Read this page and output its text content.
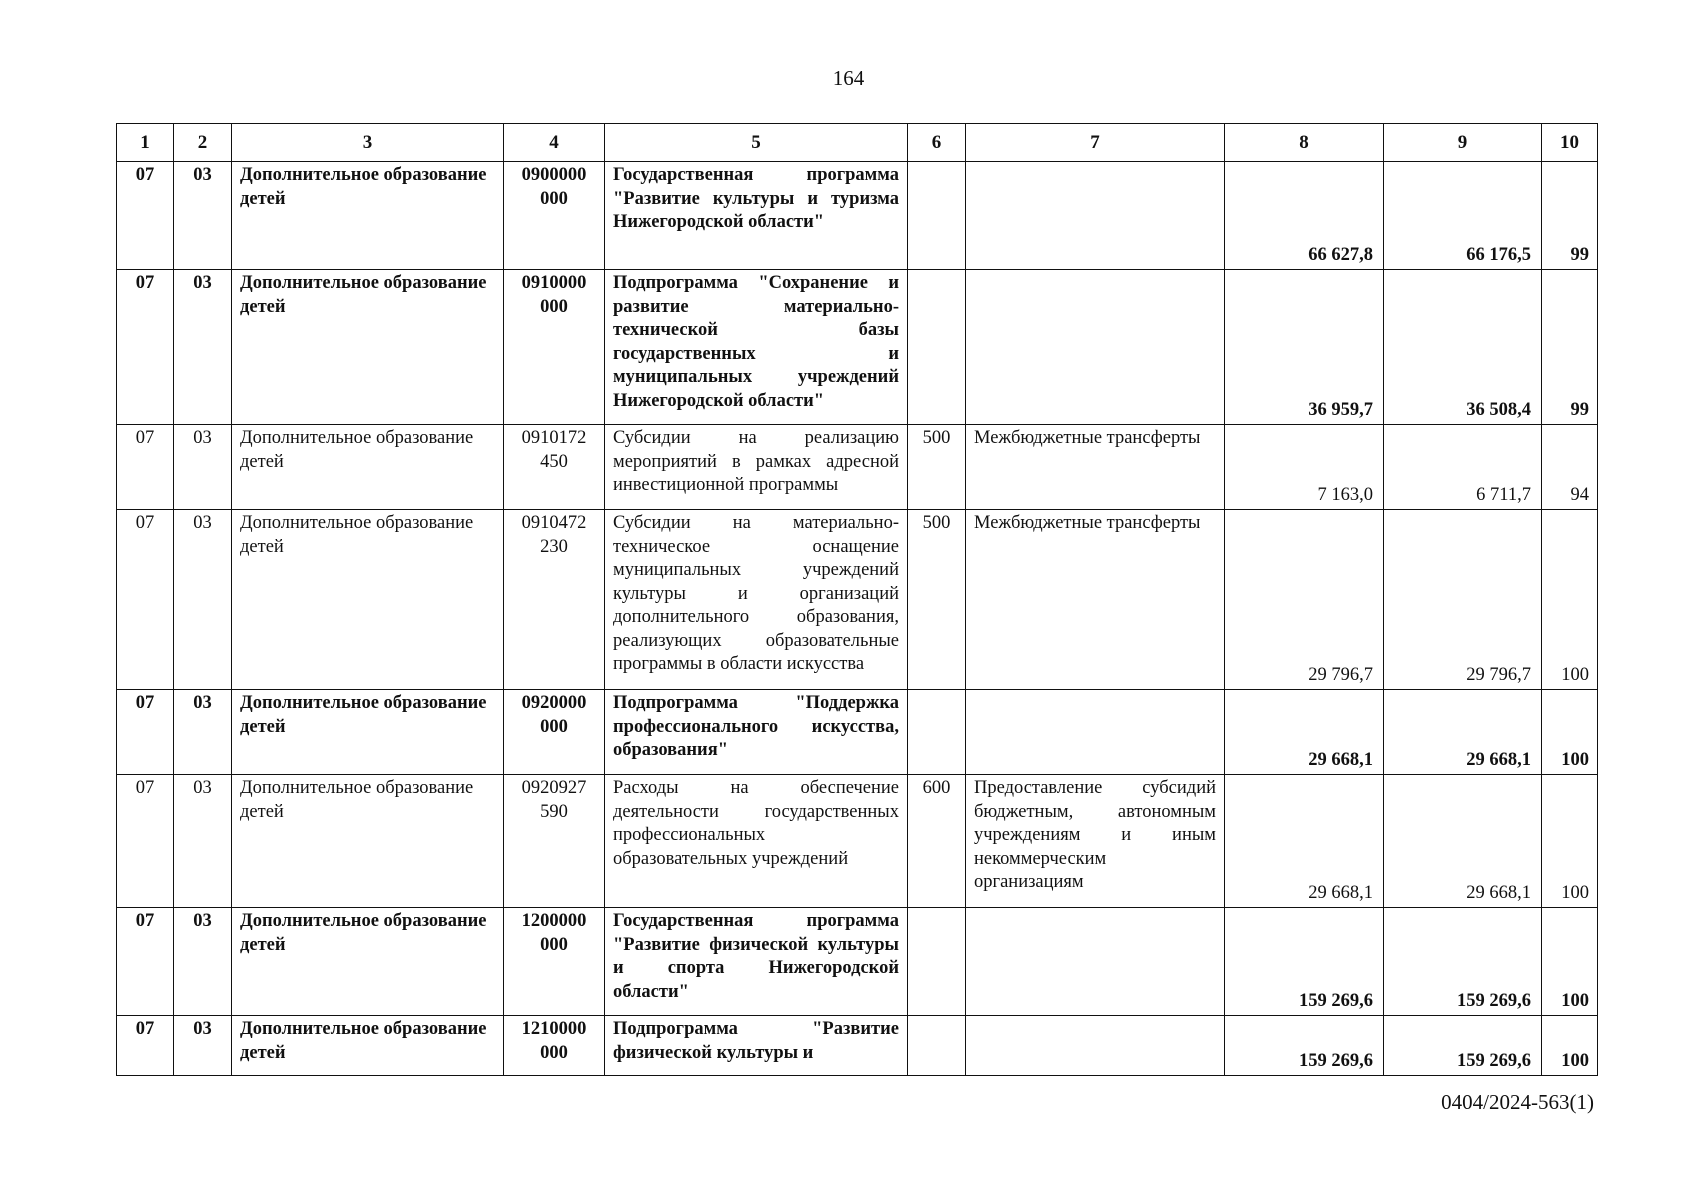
164
1	2	3	4	5	6	7	8	9	10
07	03	Дополнительное образование детей	0900000 000	Государственная программа "Развитие культуры и туризма Нижегородской области"			66 627,8	66 176,5	99
07	03	Дополнительное образование детей	0910000 000	Подпрограмма "Сохранение и развитие материально-технической базы государственных и муниципальных учреждений Нижегородской области"			36 959,7	36 508,4	99
07	03	Дополнительное образование детей	0910172 450	Субсидии на реализацию мероприятий в рамках адресной инвестиционной программы	500	Межбюджетные трансферты	7 163,0	6 711,7	94
07	03	Дополнительное образование детей	0910472 230	Субсидии на материально-техническое оснащение муниципальных учреждений культуры и организаций дополнительного образования, реализующих образовательные программы в области искусства	500	Межбюджетные трансферты	29 796,7	29 796,7	100
07	03	Дополнительное образование детей	0920000 000	Подпрограмма "Поддержка профессионального искусства, образования"			29 668,1	29 668,1	100
07	03	Дополнительное образование детей	0920927 590	Расходы на обеспечение деятельности государственных профессиональных образовательных учреждений	600	Предоставление субсидий бюджетным, автономным учреждениям и иным некоммерческим организациям	29 668,1	29 668,1	100
07	03	Дополнительное образование детей	1200000 000	Государственная программа "Развитие физической культуры и спорта Нижегородской области"			159 269,6	159 269,6	100
07	03	Дополнительное образование детей	1210000 000	Подпрограмма "Развитие физической культуры и			159 269,6	159 269,6	100
0404/2024-563(1)
